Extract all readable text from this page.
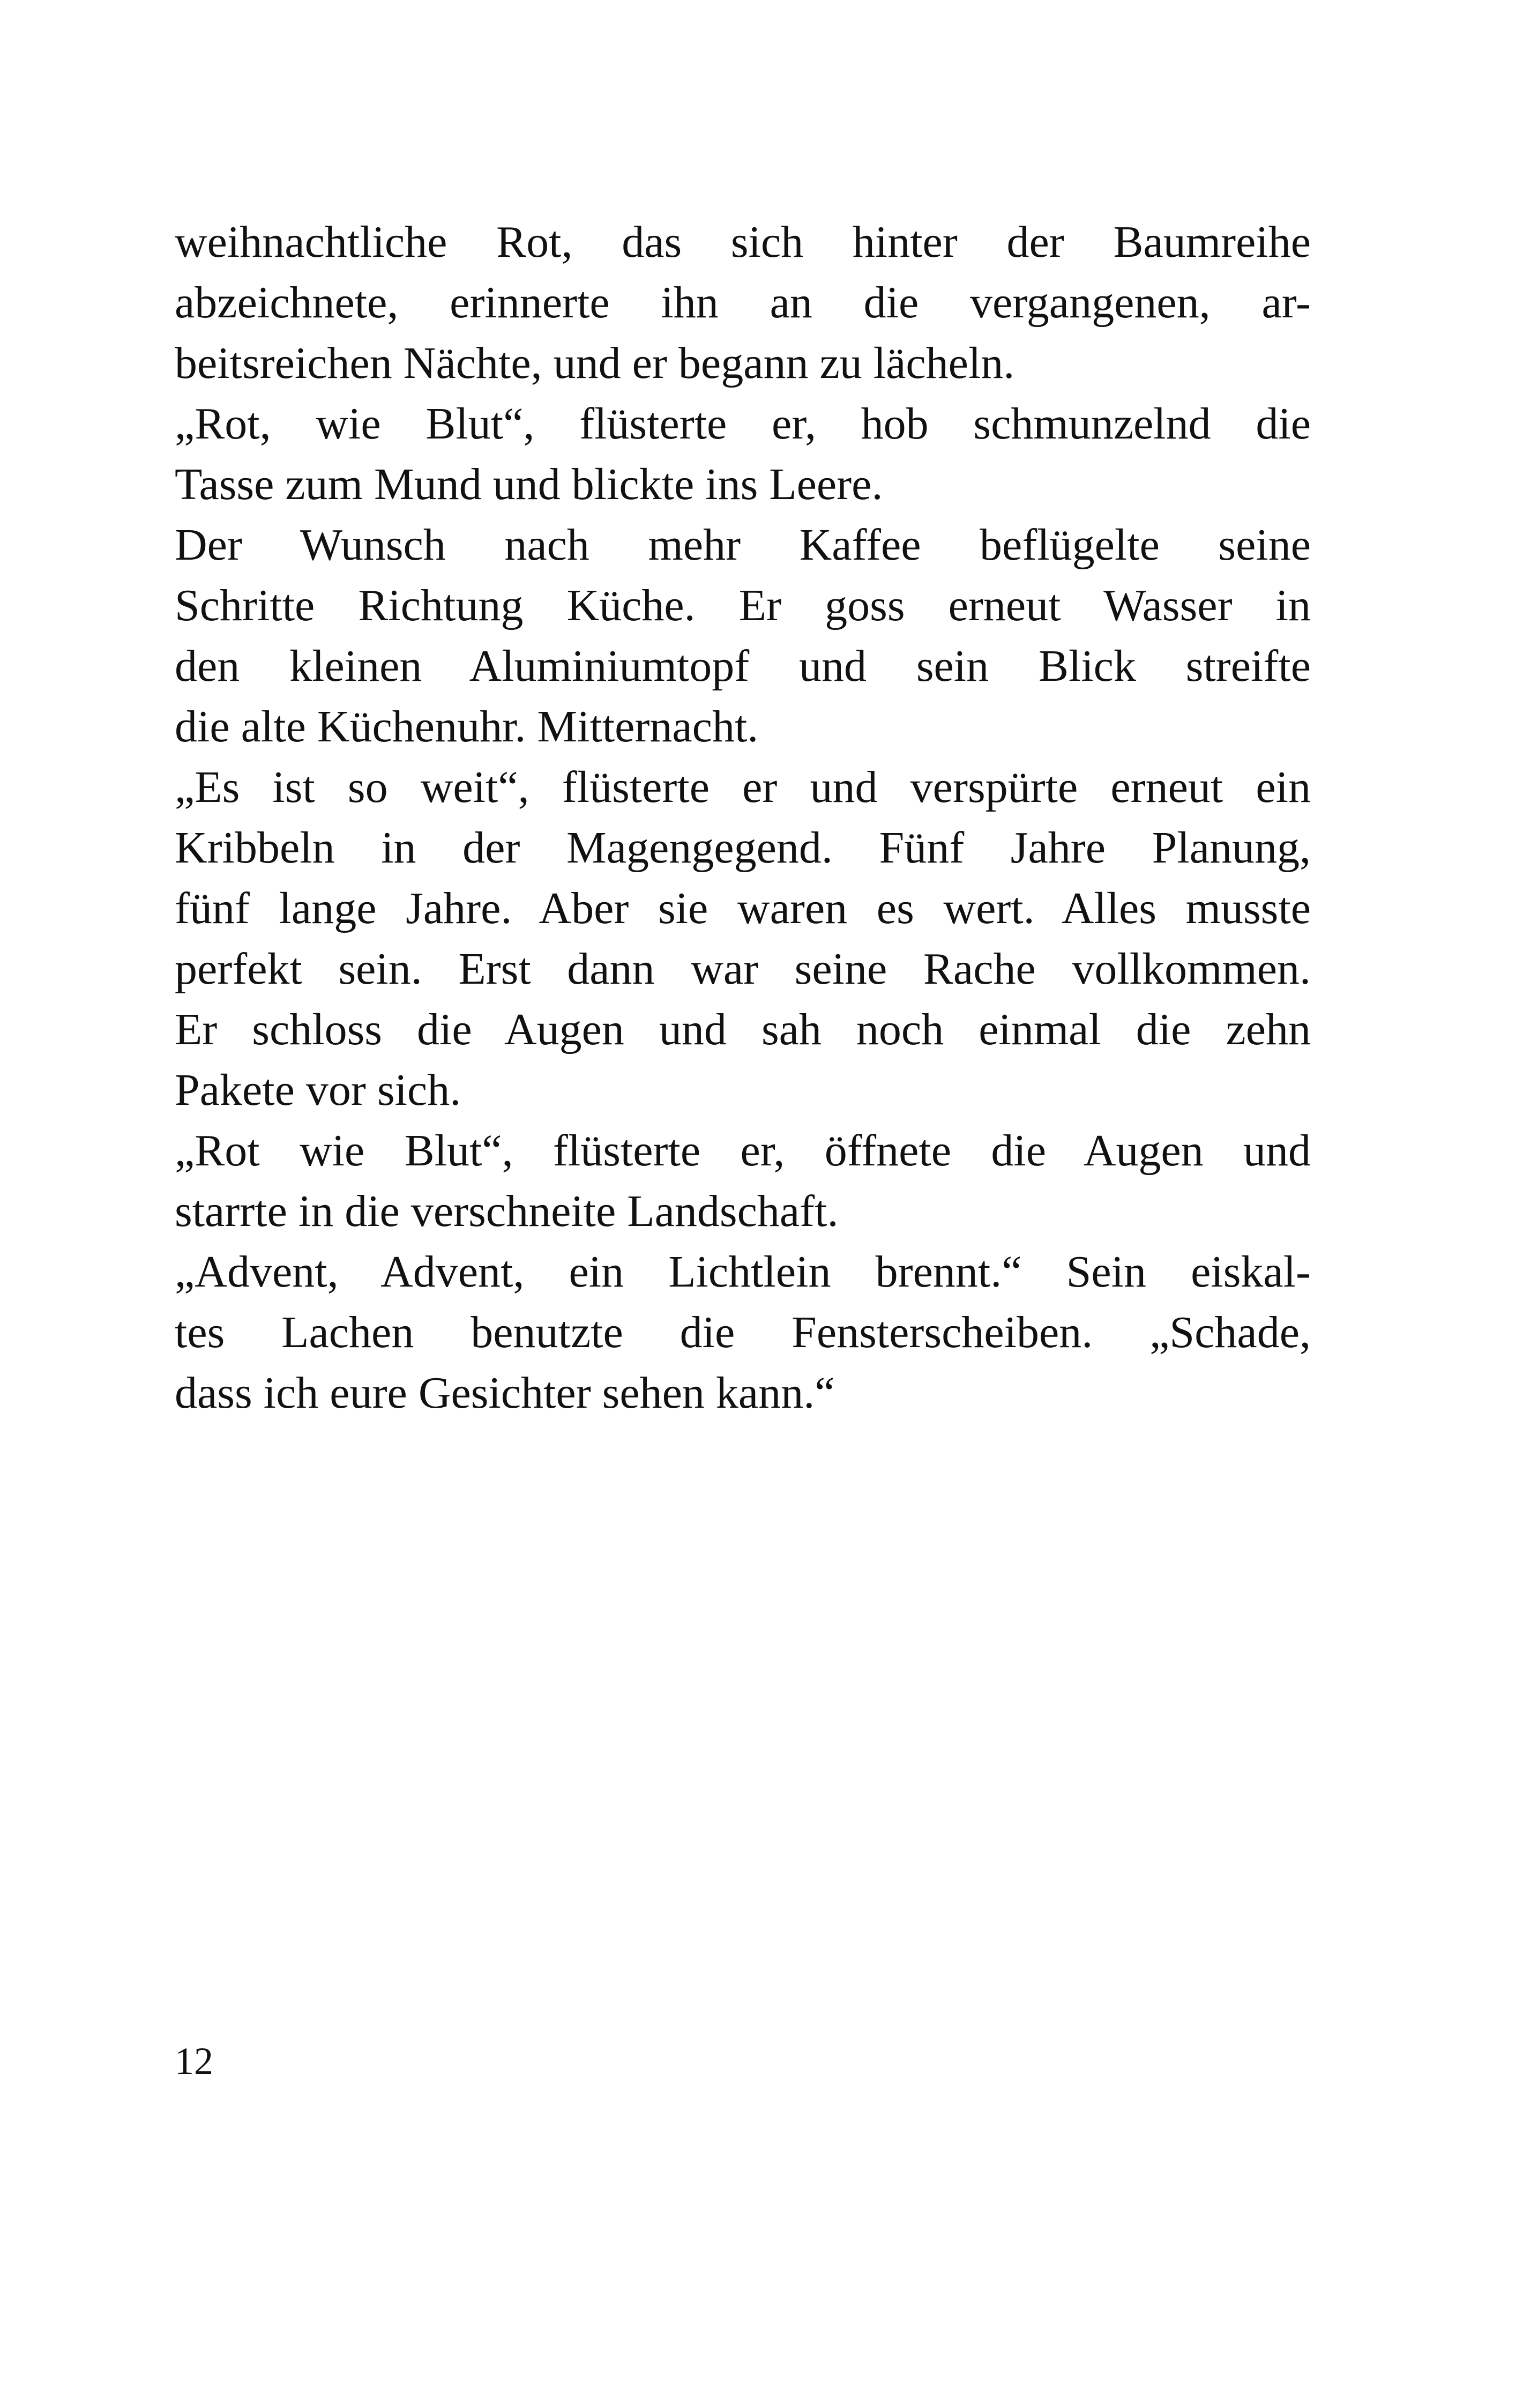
weihnachtliche Rot, das sich hinter der Baumreihe
abzeichnete, erinnerte ihn an die vergangenen, ar-
beitsreichen Nächte, und er begann zu lächeln.
„Rot, wie Blut“, flüsterte er, hob schmunzelnd die
Tasse zum Mund und blickte ins Leere.
Der Wunsch nach mehr Kaffee beflügelte seine
Schritte Richtung Küche. Er goss erneut Wasser in
den kleinen Aluminiumtopf und sein Blick streifte
die alte Küchenuhr. Mitternacht.
„Es ist so weit“, flüsterte er und verspürte erneut ein
Kribbeln in der Magengegend. Fünf Jahre Planung,
fünf lange Jahre. Aber sie waren es wert. Alles musste
perfekt sein. Erst dann war seine Rache vollkommen.
Er schloss die Augen und sah noch einmal die zehn
Pakete vor sich.
„Rot wie Blut“, flüsterte er, öffnete die Augen und
starrte in die verschneite Landschaft.
„Advent, Advent, ein Lichtlein brennt.“ Sein eiskal-
tes Lachen benutzte die Fensterscheiben. „Schade,
dass ich eure Gesichter sehen kann.“
12
